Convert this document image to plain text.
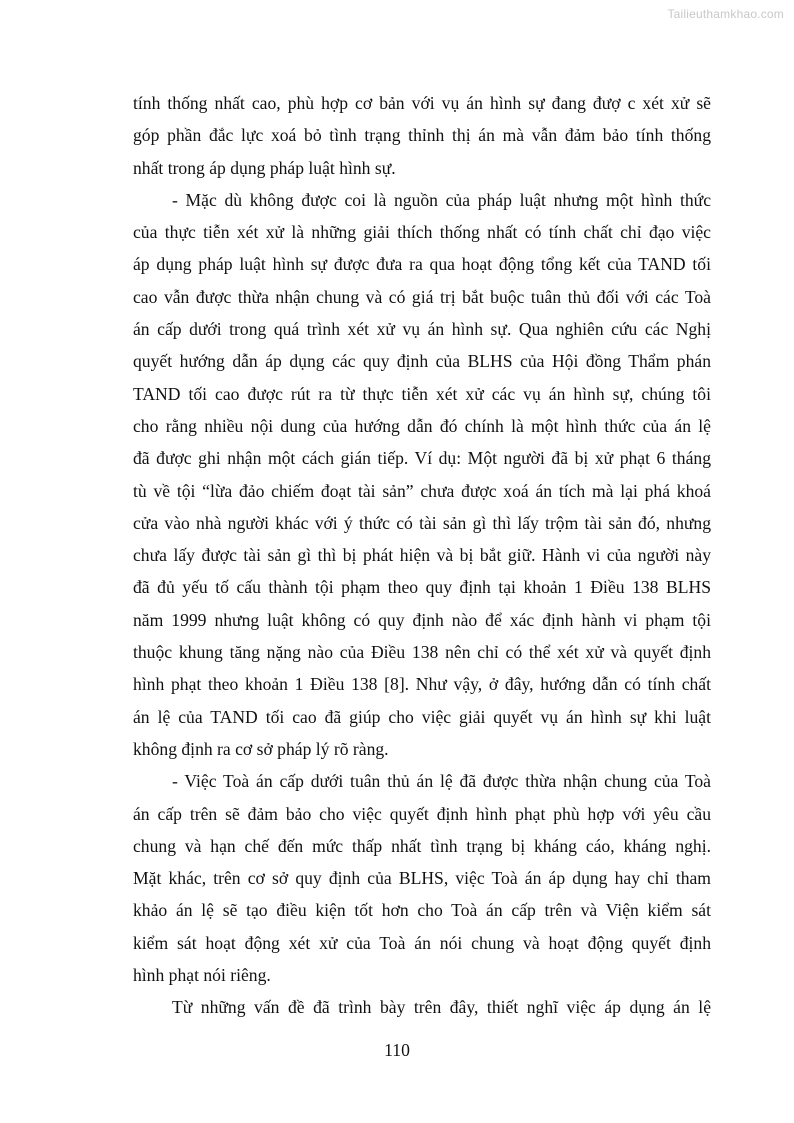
Tailieuthamkhao.com
tính thống nhất cao, phù hợp cơ bản với vụ án hình sự đang đượ c xét xử sẽ
góp phần đắc lực xoá bỏ tình trạng thỉnh thị án mà vẫn đảm bảo tính thống
nhất trong áp dụng pháp luật hình sự.
- Mặc dù không được coi là nguồn của pháp luật nhưng một hình thức
của thực tiễn xét xử là những giải thích thống nhất có tính chất chỉ đạo việc
áp dụng pháp luật hình sự được đưa ra qua hoạt động tổng kết của TAND tối
cao vẫn được thừa nhận chung và có giá trị bắt buộc tuân thủ đối với các Toà
án cấp dưới trong quá trình xét xử vụ án hình sự. Qua nghiên cứu các Nghị
quyết hướng dẫn áp dụng các quy định của BLHS của Hội đồng Thẩm phán
TAND tối cao được rút ra từ thực tiễn xét xử các vụ án hình sự, chúng tôi
cho rằng nhiều nội dung của hướng dẫn đó chính là một hình thức của án lệ
đã được ghi nhận một cách gián tiếp. Ví dụ: Một người đã bị xử phạt 6 tháng
tù về tội “lừa đảo chiếm đoạt tài sản” chưa được xoá án tích mà lại phá khoá
cửa vào nhà người khác với ý thức có tài sản gì thì lấy trộm tài sản đó, nhưng
chưa lấy được tài sản gì thì bị phát hiện và bị bắt giữ. Hành vi của người này
đã đủ yếu tố cấu thành tội phạm theo quy định tại khoản 1 Điều 138 BLHS
năm 1999 nhưng luật không có quy định nào để xác định hành vi phạm tội
thuộc khung tăng nặng nào của Điều 138 nên chỉ có thể xét xử và quyết định
hình phạt theo khoản 1 Điều 138 [8]. Như vậy, ở đây, hướng dẫn có tính chất
án lệ của TAND tối cao đã giúp cho việc giải quyết vụ án hình sự khi luật
không định ra cơ sở pháp lý rõ ràng.
- Việc Toà án cấp dưới tuân thủ án lệ đã được thừa nhận chung của Toà
án cấp trên sẽ đảm bảo cho việc quyết định hình phạt phù hợp với yêu cầu
chung và hạn chế đến mức thấp nhất tình trạng bị kháng cáo, kháng nghị.
Mặt khác, trên cơ sở quy định của BLHS, việc Toà án áp dụng hay chỉ tham
khảo án lệ sẽ tạo điều kiện tốt hơn cho Toà án cấp trên và Viện kiểm sát
kiểm sát hoạt động xét xử của Toà án nói chung và hoạt động quyết định
hình phạt nói riêng.
Từ những vấn đề đã trình bày trên đây, thiết nghĩ việc áp dụng án lệ
110
